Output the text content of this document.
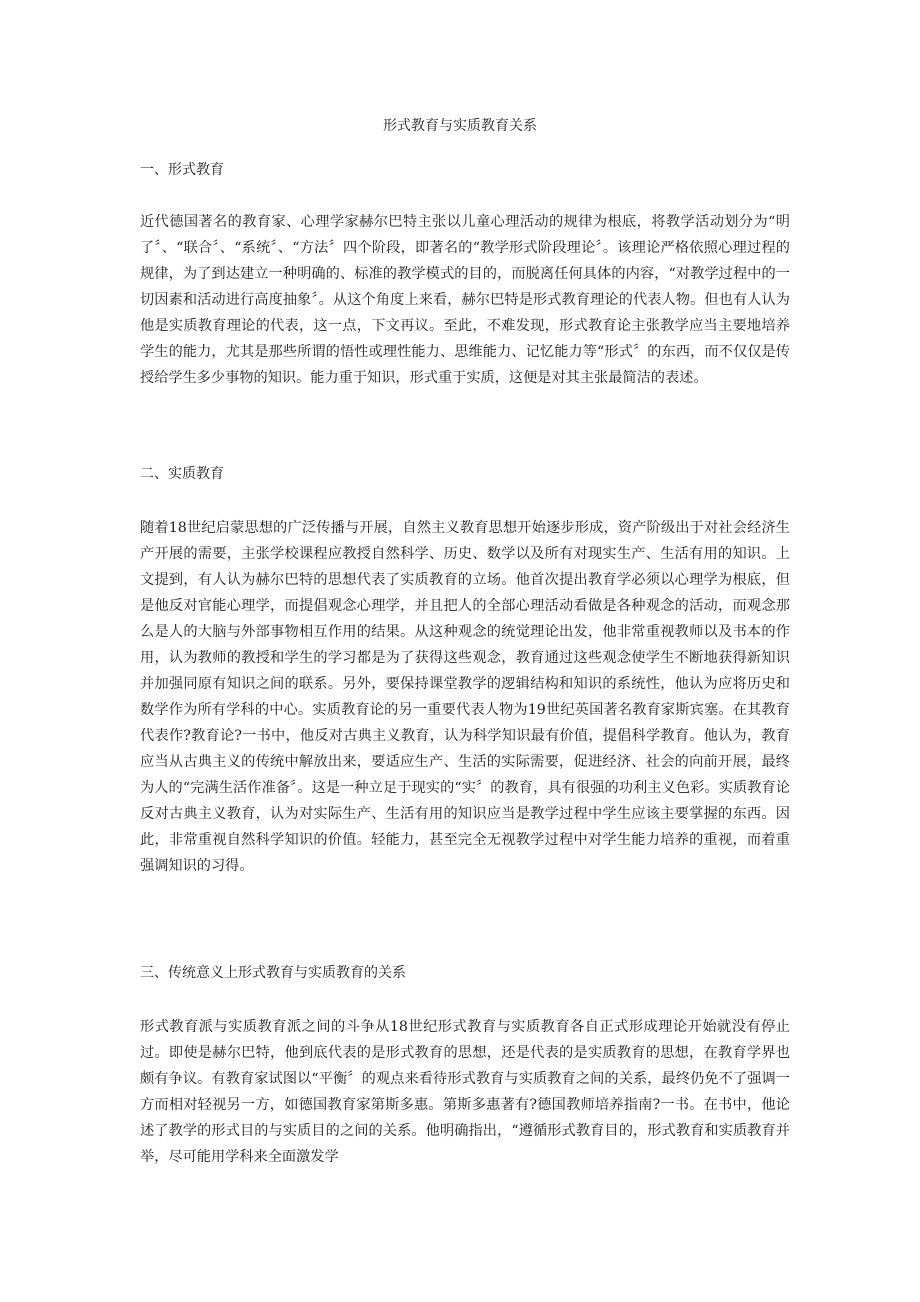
形式教育与实质教育关系
一、形式教育

近代德国著名的教育家、心理学家赫尔巴特主张以儿童心理活动的规律为根底，将教学活动划分为“明了〞、“联合〞、“系统〞、“方法〞四个阶段，即著名的“教学形式阶段理论〞。该理论严格依照心理过程的规律，为了到达建立一种明确的、标准的教学模式的目的，而脱离任何具体的内容，“对教学过程中的一切因素和活动进行高度抽象〞。从这个角度上来看，赫尔巴特是形式教育理论的代表人物。但也有人认为他是实质教育理论的代表，这一点，下文再议。至此，不难发现，形式教育论主张教学应当主要地培养学生的能力，尤其是那些所谓的悟性或理性能力、思维能力、记忆能力等“形式〞的东西，而不仅仅是传授给学生多少事物的知识。能力重于知识，形式重于实质，这便是对其主张最简洁的表述。

二、实质教育

随着18世纪启蒙思想的广泛传播与开展，自然主义教育思想开始逐步形成，资产阶级出于对社会经济生产开展的需要，主张学校课程应教授自然科学、历史、数学以及所有对现实生产、生活有用的知识。上文提到，有人认为赫尔巴特的思想代表了实质教育的立场。他首次提出教育学必须以心理学为根底，但是他反对官能心理学，而提倡观念心理学，并且把人的全部心理活动看做是各种观念的活动，而观念那么是人的大脑与外部事物相互作用的结果。从这种观念的统觉理论出发，他非常重视教师以及书本的作用，认为教师的教授和学生的学习都是为了获得这些观念，教育通过这些观念使学生不断地获得新知识并加强同原有知识之间的联系。另外，要保持课堂教学的逻辑结构和知识的系统性，他认为应将历史和数学作为所有学科的中心。实质教育论的另一重要代表人物为19世纪英国著名教育家斯宾塞。在其教育代表作?教育论?一书中，他反对古典主义教育，认为科学知识最有价值，提倡科学教育。他认为，教育应当从古典主义的传统中解放出来，要适应生产、生活的实际需要，促进经济、社会的向前开展，最终为人的“完满生活作准备〞。这是一种立足于现实的“实〞的教育，具有很强的功利主义色彩。实质教育论反对古典主义教育，认为对实际生产、生活有用的知识应当是教学过程中学生应该主要掌握的东西。因此，非常重视自然科学知识的价值。轻能力，甚至完全无视教学过程中对学生能力培养的重视，而着重强调知识的习得。

三、传统意义上形式教育与实质教育的关系

形式教育派与实质教育派之间的斗争从18世纪形式教育与实质教育各自正式形成理论开始就没有停止过。即使是赫尔巴特，他到底代表的是形式教育的思想，还是代表的是实质教育的思想，在教育学界也颇有争议。有教育家试图以“平衡〞的观点来看待形式教育与实质教育之间的关系，最终仍免不了强调一方而相对轻视另一方，如德国教育家第斯多惠。第斯多惠著有?德国教师培养指南?一书。在书中，他论述了教学的形式目的与实质目的之间的关系。他明确指出，“遵循形式教育目的，形式教育和实质教育并举，尽可能用学科来全面激发学
